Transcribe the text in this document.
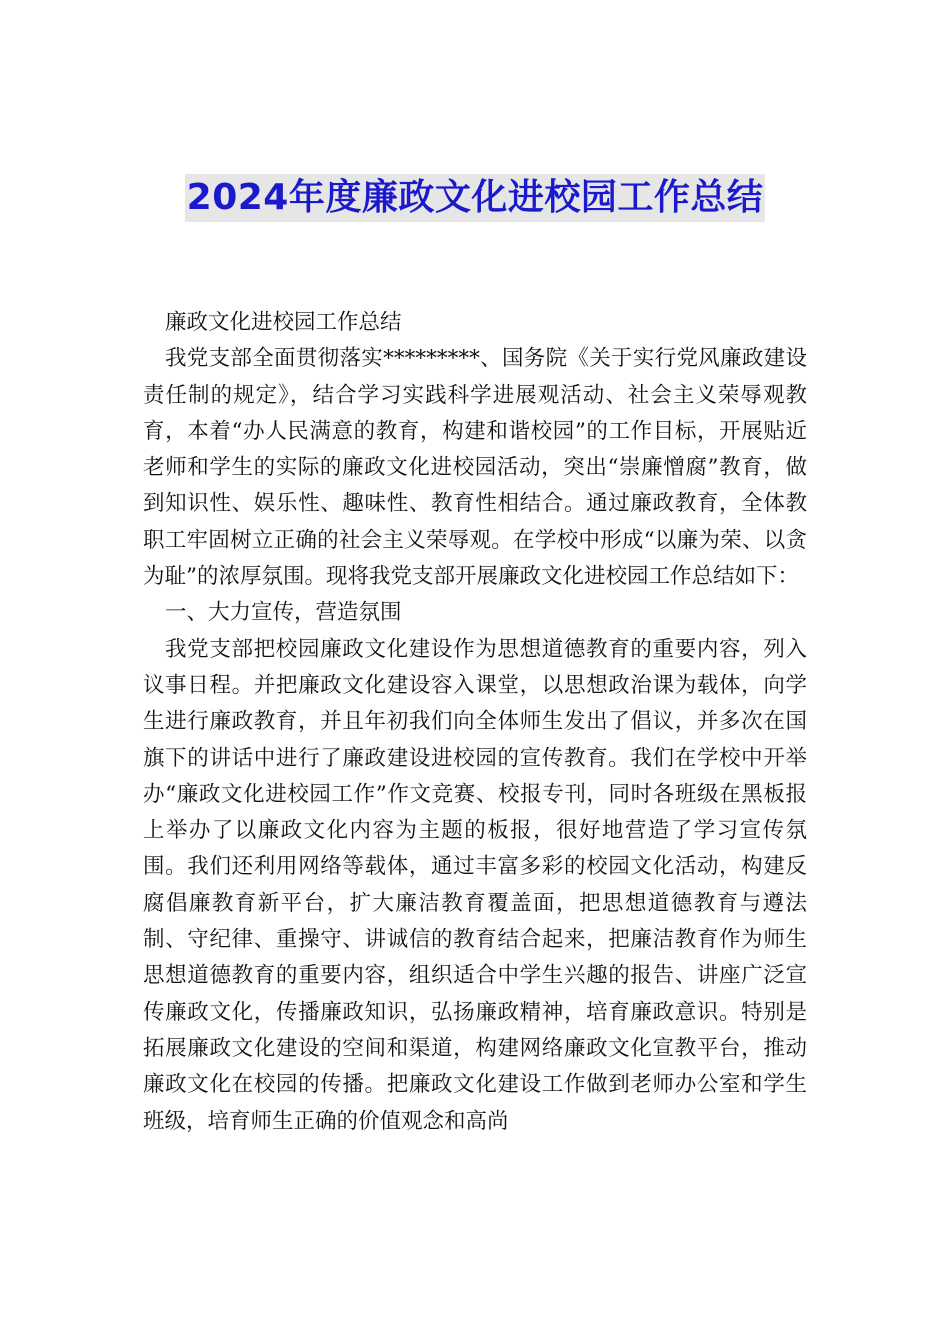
2024年度廉政文化进校园工作总结

廉政文化进校园工作总结

我党支部全面贯彻落实*********、国务院《关于实行党风廉政建设责任制的规定》，结合学习实践科学进展观活动、社会主义荣辱观教育，本着“办人民满意的教育，构建和谐校园”的工作目标，开展贴近老师和学生的实际的廉政文化进校园活动，突出“崇廉憎腐”教育，做到知识性、娱乐性、趣味性、教育性相结合。通过廉政教育，全体教职工牢固树立正确的社会主义荣辱观。在学校中形成“以廉为荣、以贪为耻”的浓厚氛围。现将我党支部开展廉政文化进校园工作总结如下：

一、大力宣传，营造氛围

我党支部把校园廉政文化建设作为思想道德教育的重要内容，列入议事日程。并把廉政文化建设容入课堂，以思想政治课为载体，向学生进行廉政教育，并且年初我们向全体师生发出了倡议，并多次在国旗下的讲话中进行了廉政建设进校园的宣传教育。我们在学校中开举办“廉政文化进校园工作”作文竞赛、校报专刊，同时各班级在黑板报上举办了以廉政文化内容为主题的板报，很好地营造了学习宣传氛围。我们还利用网络等载体，通过丰富多彩的校园文化活动，构建反腐倡廉教育新平台，扩大廉洁教育覆盖面，把思想道德教育与遵法制、守纪律、重操守、讲诚信的教育结合起来，把廉洁教育作为师生思想道德教育的重要内容，组织适合中学生兴趣的报告、讲座广泛宣传廉政文化，传播廉政知识，弘扬廉政精神，培育廉政意识。特别是拓展廉政文化建设的空间和渠道，构建网络廉政文化宣教平台，推动廉政文化在校园的传播。把廉政文化建设工作做到老师办公室和学生班级，培育师生正确的价值观念和高尚
